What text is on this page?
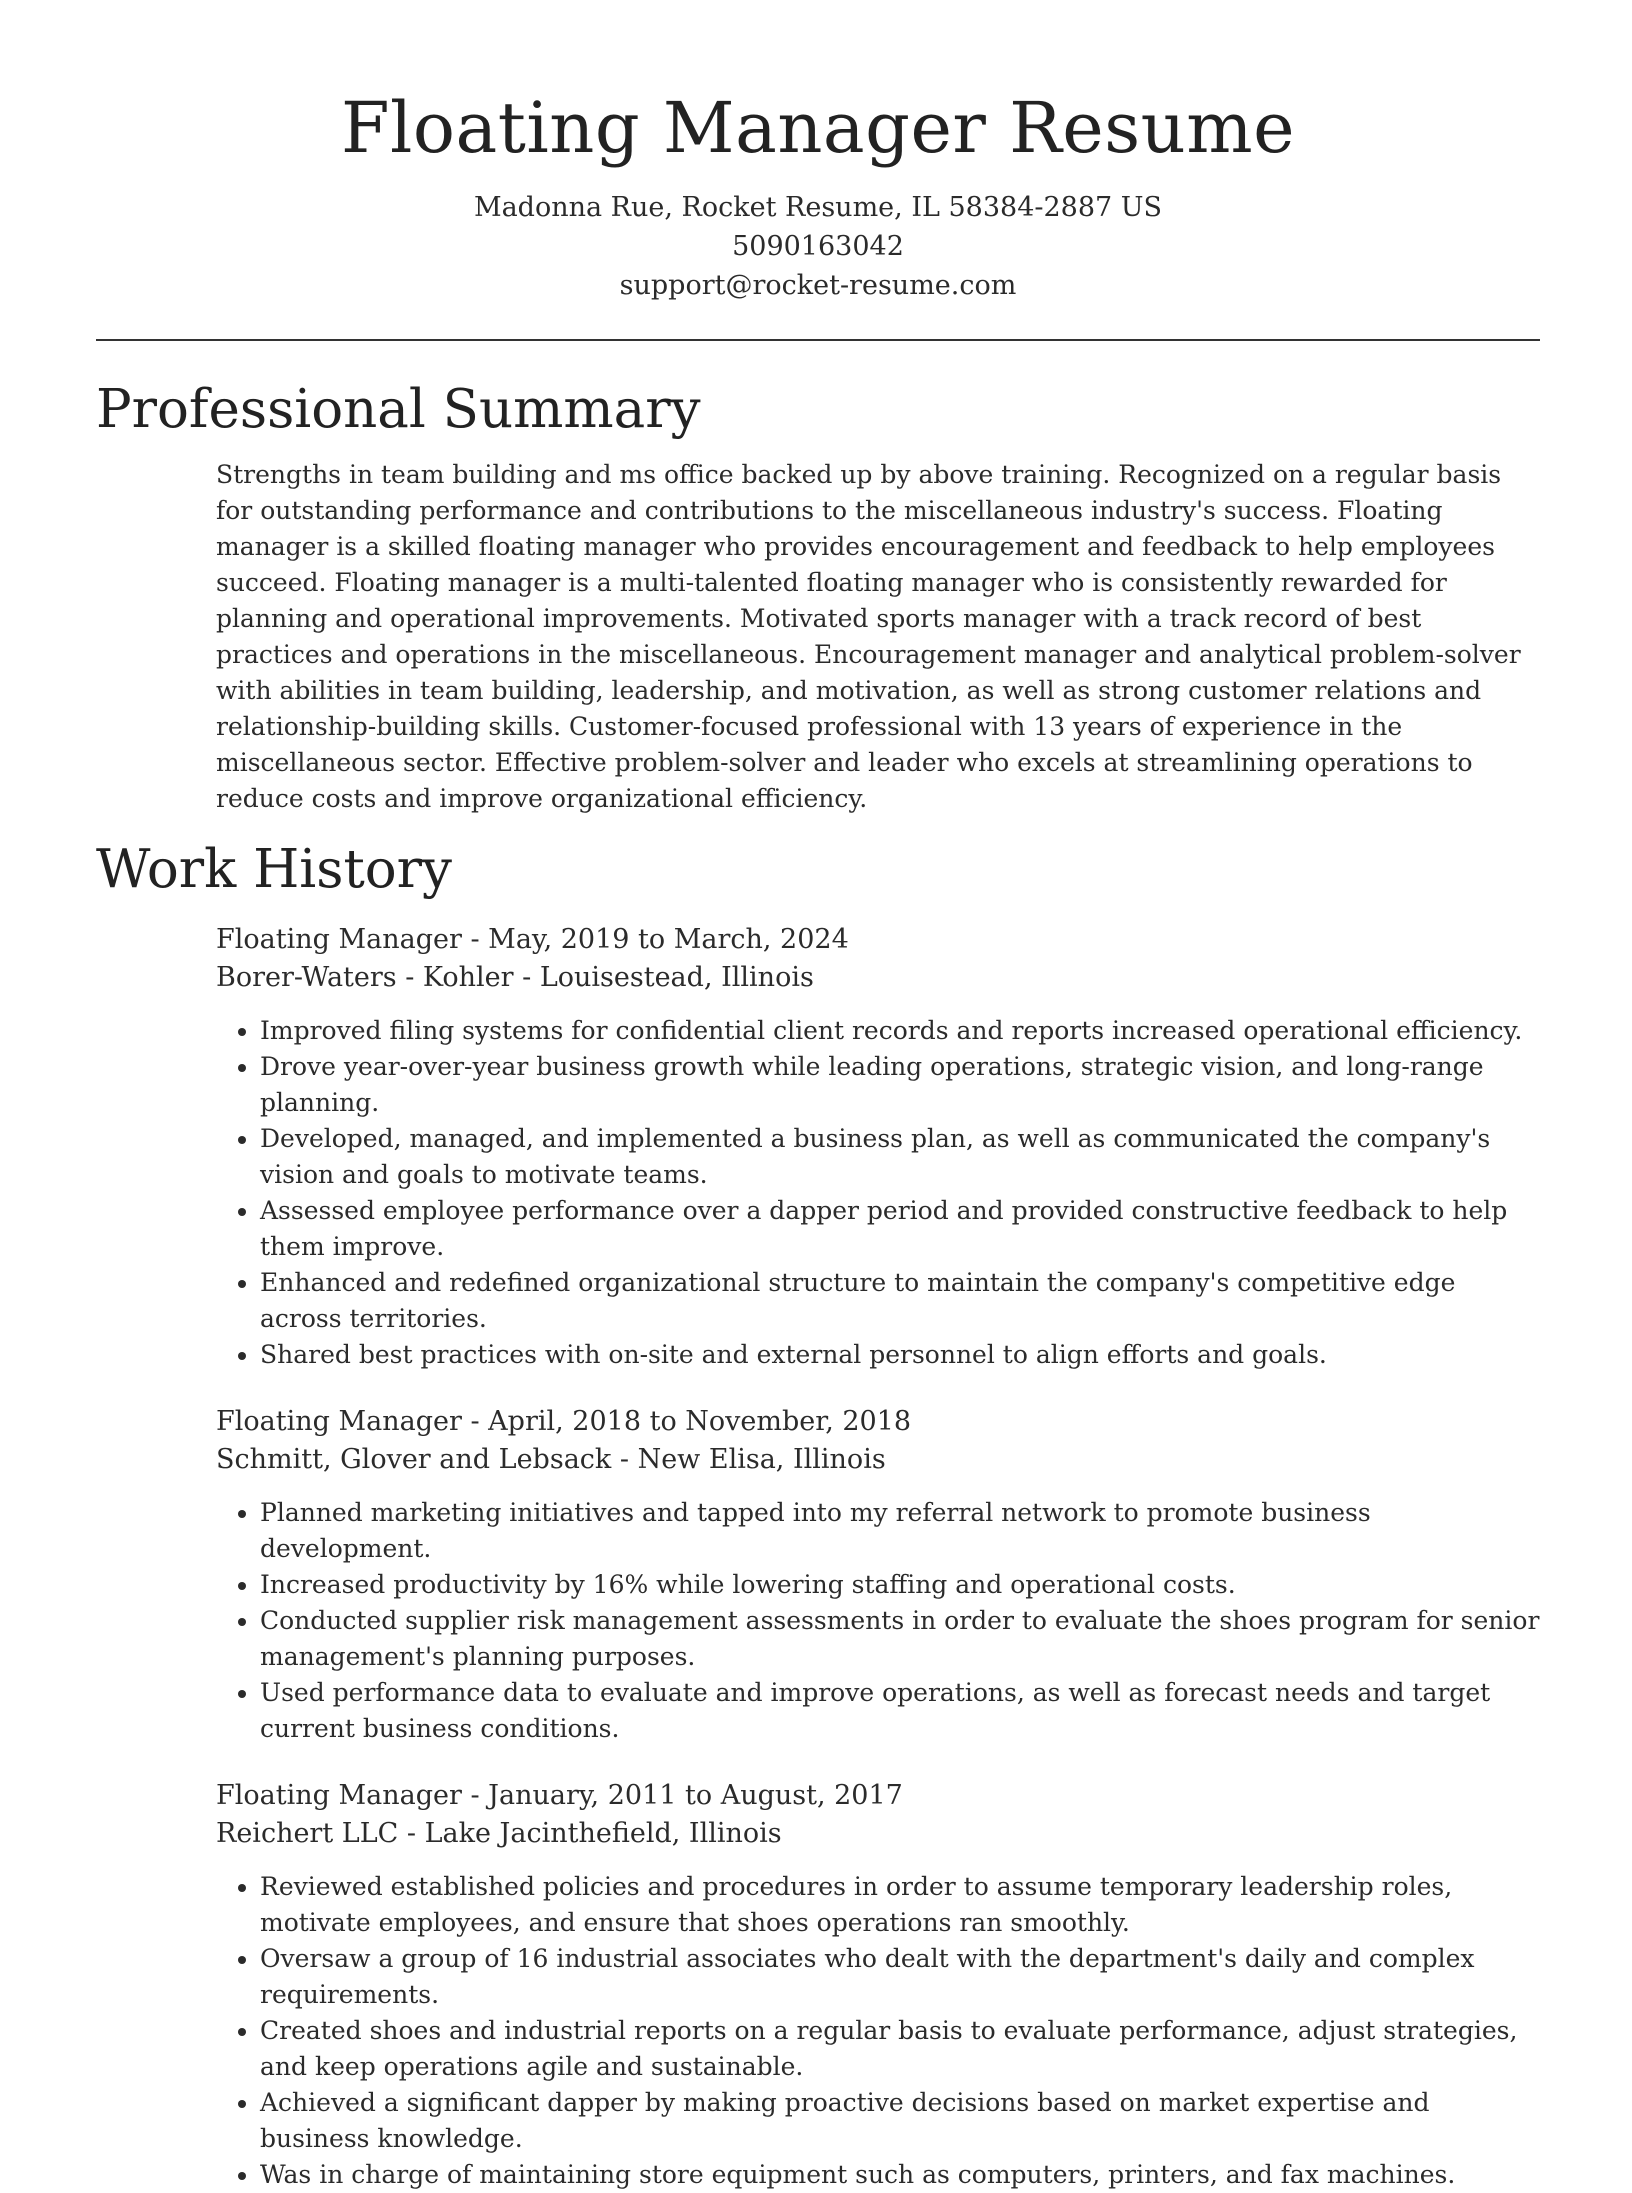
Floating Manager Resume
Madonna Rue, Rocket Resume, IL 58384-2887 US
5090163042
support@rocket-resume.com
Professional Summary

Strengths in team building and ms office backed up by above training. Recognized on a regular basis for outstanding performance and contributions to the miscellaneous industry's success. Floating manager is a skilled floating manager who provides encouragement and feedback to help employees succeed. Floating manager is a multi-talented floating manager who is consistently rewarded for planning and operational improvements. Motivated sports manager with a track record of best practices and operations in the miscellaneous. Encouragement manager and analytical problem-solver with abilities in team building, leadership, and motivation, as well as strong customer relations and relationship-building skills. Customer-focused professional with 13 years of experience in the miscellaneous sector. Effective problem-solver and leader who excels at streamlining operations to reduce costs and improve organizational efficiency.

Work History
Floating Manager - May, 2019 to March, 2024
Borer-Waters - Kohler - Louisestead, Illinois
• Improved filing systems for confidential client records and reports increased operational efficiency.
• Drove year-over-year business growth while leading operations, strategic vision, and long-range planning.
• Developed, managed, and implemented a business plan, as well as communicated the company's vision and goals to motivate teams.
• Assessed employee performance over a dapper period and provided constructive feedback to help them improve.
• Enhanced and redefined organizational structure to maintain the company's competitive edge across territories.
• Shared best practices with on-site and external personnel to align efforts and goals.
Floating Manager - April, 2018 to November, 2018
Schmitt, Glover and Lebsack - New Elisa, Illinois
• Planned marketing initiatives and tapped into my referral network to promote business development.
• Increased productivity by 16% while lowering staffing and operational costs.
• Conducted supplier risk management assessments in order to evaluate the shoes program for senior management's planning purposes.
• Used performance data to evaluate and improve operations, as well as forecast needs and target current business conditions.
Floating Manager - January, 2011 to August, 2017
Reichert LLC - Lake Jacinthefield, Illinois
• Reviewed established policies and procedures in order to assume temporary leadership roles, motivate employees, and ensure that shoes operations ran smoothly.
• Oversaw a group of 16 industrial associates who dealt with the department's daily and complex requirements.
• Created shoes and industrial reports on a regular basis to evaluate performance, adjust strategies, and keep operations agile and sustainable.
• Achieved a significant dapper by making proactive decisions based on market expertise and business knowledge.
• Was in charge of maintaining store equipment such as computers, printers, and fax machines.
